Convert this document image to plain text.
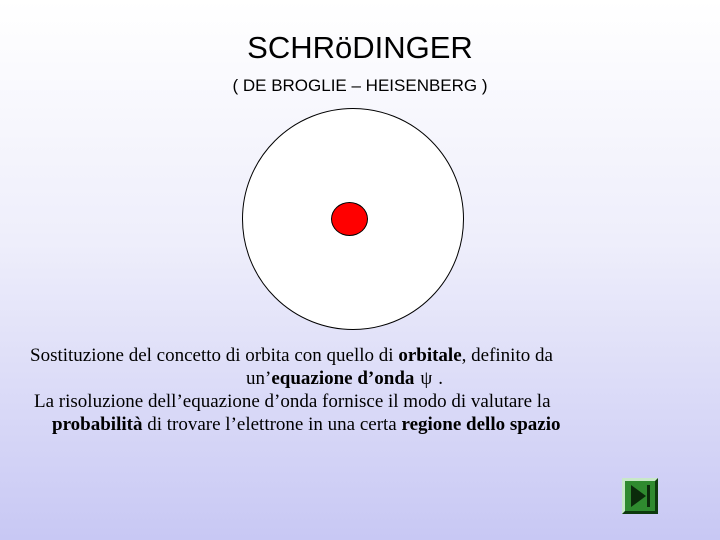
SCHRöDINGER
( DE BROGLIE – HEISENBERG )
Sostituzione del concetto di orbita con quello di orbitale, definito da
un’equazione d’onda ψ .
La risoluzione dell’equazione d’onda fornisce il modo di valutare la
probabilità di trovare l’elettrone in una certa regione dello spazio
